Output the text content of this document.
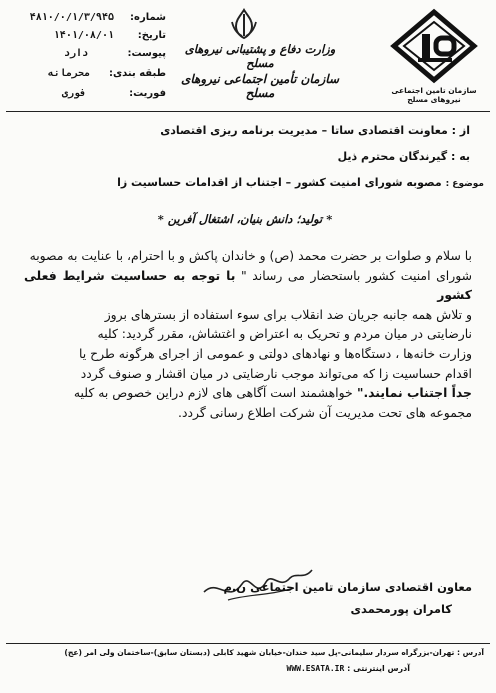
شماره:
۴۸۱۰/۰/۱/۳/۹۴۵
تاریخ:
۱۴۰۱/۰۸/۰۱
پیوست:
دارد
طبقه بندی:
محرمانه
فوریت:
فوری
وزارت دفاع و پشتیبانی نیروهای مسلح
سازمان تأمین اجتماعی نیروهای مسلح	سازمان تامین اجتماعی نیروهای مسلح
از : معاونت اقتصادی ساتا – مدیریت برنامه ریزی اقتصادی
به : گیرندگان محترم ذیل
موضوع : مصوبه شورای امنیت کشور – اجتناب از اقدامات حساسیت زا
* تولید؛ دانش بنیان، اشتغال آفرین *
با سلام و صلوات بر حضرت محمد (ص) و خاندان پاکش و با احترام، با عنایت به مصوبه
شورای امنیت کشور باستحضار می رساند " با توجه به حساسیت شرایط فعلی کشور
و تلاش همه جانبه جریان ضد انقلاب برای سوء استفاده از بسترهای بروز
نارضایتی در میان مردم و تحریک به اعتراض و اغتشاش، مقرر گردید: کلیه
وزارت خانه‌ها ، دستگاه‌ها و نهادهای دولتی و عمومی از اجرای هرگونه طرح یا
اقدام حساسیت زا که می‌تواند موجب نارضایتی در میان اقشار و صنوف گردد
جداً اجتناب نمایند." خواهشمند است آگاهی های لازم دراین خصوص به کلیه
مجموعه های تحت مدیریت آن شرکت اطلاع رسانی گردد.
معاون اقتصادی سازمان تامین اجتماعی ن.م
کامران پورمحمدی
آدرس : تهران-بزرگراه سردار سلیمانی-پل سید خندان-خیابان شهید کابلی (دبستان سابق)-ساختمان ولی امر (عج)
آدرس اینترنتی : WWW.ESATA.IR
